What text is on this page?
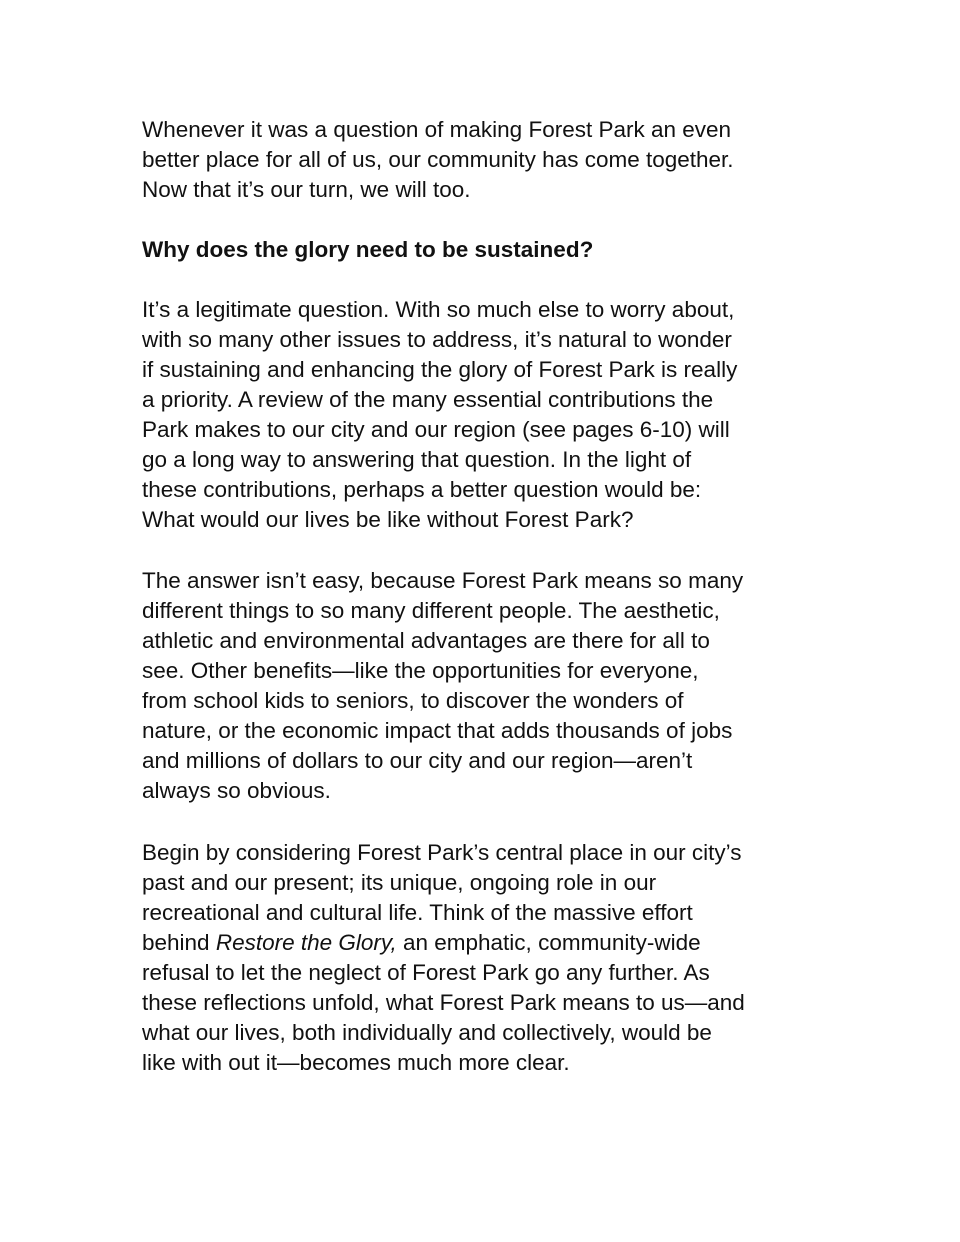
Whenever it was a question of making Forest Park an even
better place for all of us, our community has come together.
Now that it’s our turn, we will too.
Why does the glory need to be sustained?
It’s a legitimate question. With so much else to worry about,
with so many other issues to address, it’s natural to wonder
if sustaining and enhancing the glory of Forest Park is really
a priority. A review of the many essential contributions the
Park makes to our city and our region (see pages 6-10) will
go a long way to answering that question. In the light of
these contributions, perhaps a better question would be:
What would our lives be like without Forest Park?
The answer isn’t easy, because Forest Park means so many
different things to so many different people. The aesthetic,
athletic and environmental advantages are there for all to
see. Other benefits—like the opportunities for everyone,
from school kids to seniors, to discover the wonders of
nature, or the economic impact that adds thousands of jobs
and millions of dollars to our city and our region—aren’t
always so obvious.
Begin by considering Forest Park’s central place in our city’s
past and our present; its unique, ongoing role in our
recreational and cultural life. Think of the massive effort
behind Restore the Glory, an emphatic, community-wide
refusal to let the neglect of Forest Park go any further. As
these reflections unfold, what Forest Park means to us—and
what our lives, both individually and collectively, would be
like with out it—becomes much more clear.
